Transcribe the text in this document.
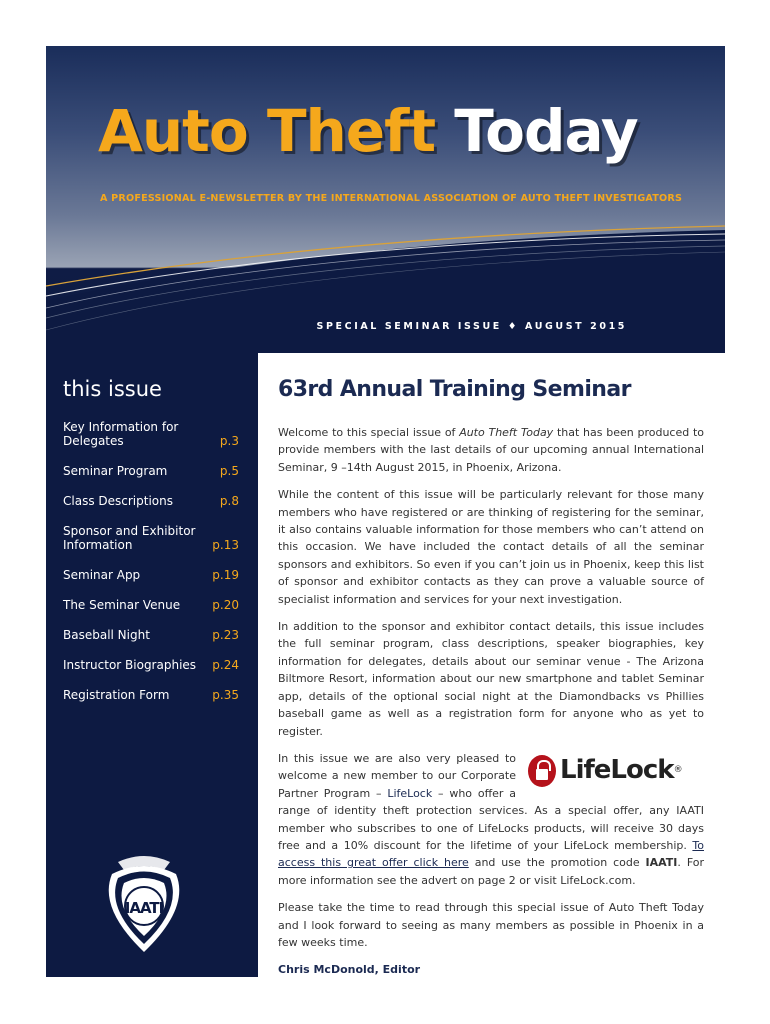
Auto Theft Today
A PROFESSIONAL E-NEWSLETTER BY THE INTERNATIONAL ASSOCIATION OF AUTO THEFT INVESTIGATORS
SPECIAL SEMINAR ISSUE ♦ AUGUST 2015
this issue
Key Information for Delegates	p.3
Seminar Program	p.5
Class Descriptions	p.8
Sponsor and Exhibitor Information	p.13
Seminar App	p.19
The Seminar Venue	p.20
Baseball Night	p.23
Instructor Biographies p.24
Registration Form	p.35
IAATI
63rd Annual Training Seminar

Welcome to this special issue of Auto Theft Today that has been produced to provide members with the last details of our upcoming annual International Seminar, 9 –14th August 2015, in Phoenix, Arizona.

While the content of this issue will be particularly relevant for those many members who have registered or are thinking of registering for the seminar, it also contains valuable information for those members who can’t attend on this occasion. We have included the contact details of all the seminar sponsors and exhibitors. So even if you can’t join us in Phoenix, keep this list of sponsor and exhibitor contacts as they can prove a valuable source of specialist information and services for your next investigation.

In addition to the sponsor and exhibitor contact details, this issue includes the full seminar program, class descriptions, speaker biographies, key information for delegates, details about our seminar venue - The Arizona Biltmore Resort, information about our new smartphone and tablet Seminar app, details of the optional social night at the Diamondbacks vs Phillies baseball game as well as a registration form for anyone who as yet to register.

LifeLock ®
In this issue we are also very pleased to welcome a new member to our Corporate Partner Program – LifeLock – who offer a range of identity theft protection services. As a special offer, any IAATI member who subscribes to one of LifeLocks products, will receive 30 days free and a 10% discount for the lifetime of your LifeLock membership. To access this great offer click here and use the promotion code IAATI. For more information see the advert on page 2 or visit LifeLock.com.

Please take the time to read through this special issue of Auto Theft Today and I look forward to seeing as many members as possible in Phoenix in a few weeks time.

Chris McDonold, Editor
